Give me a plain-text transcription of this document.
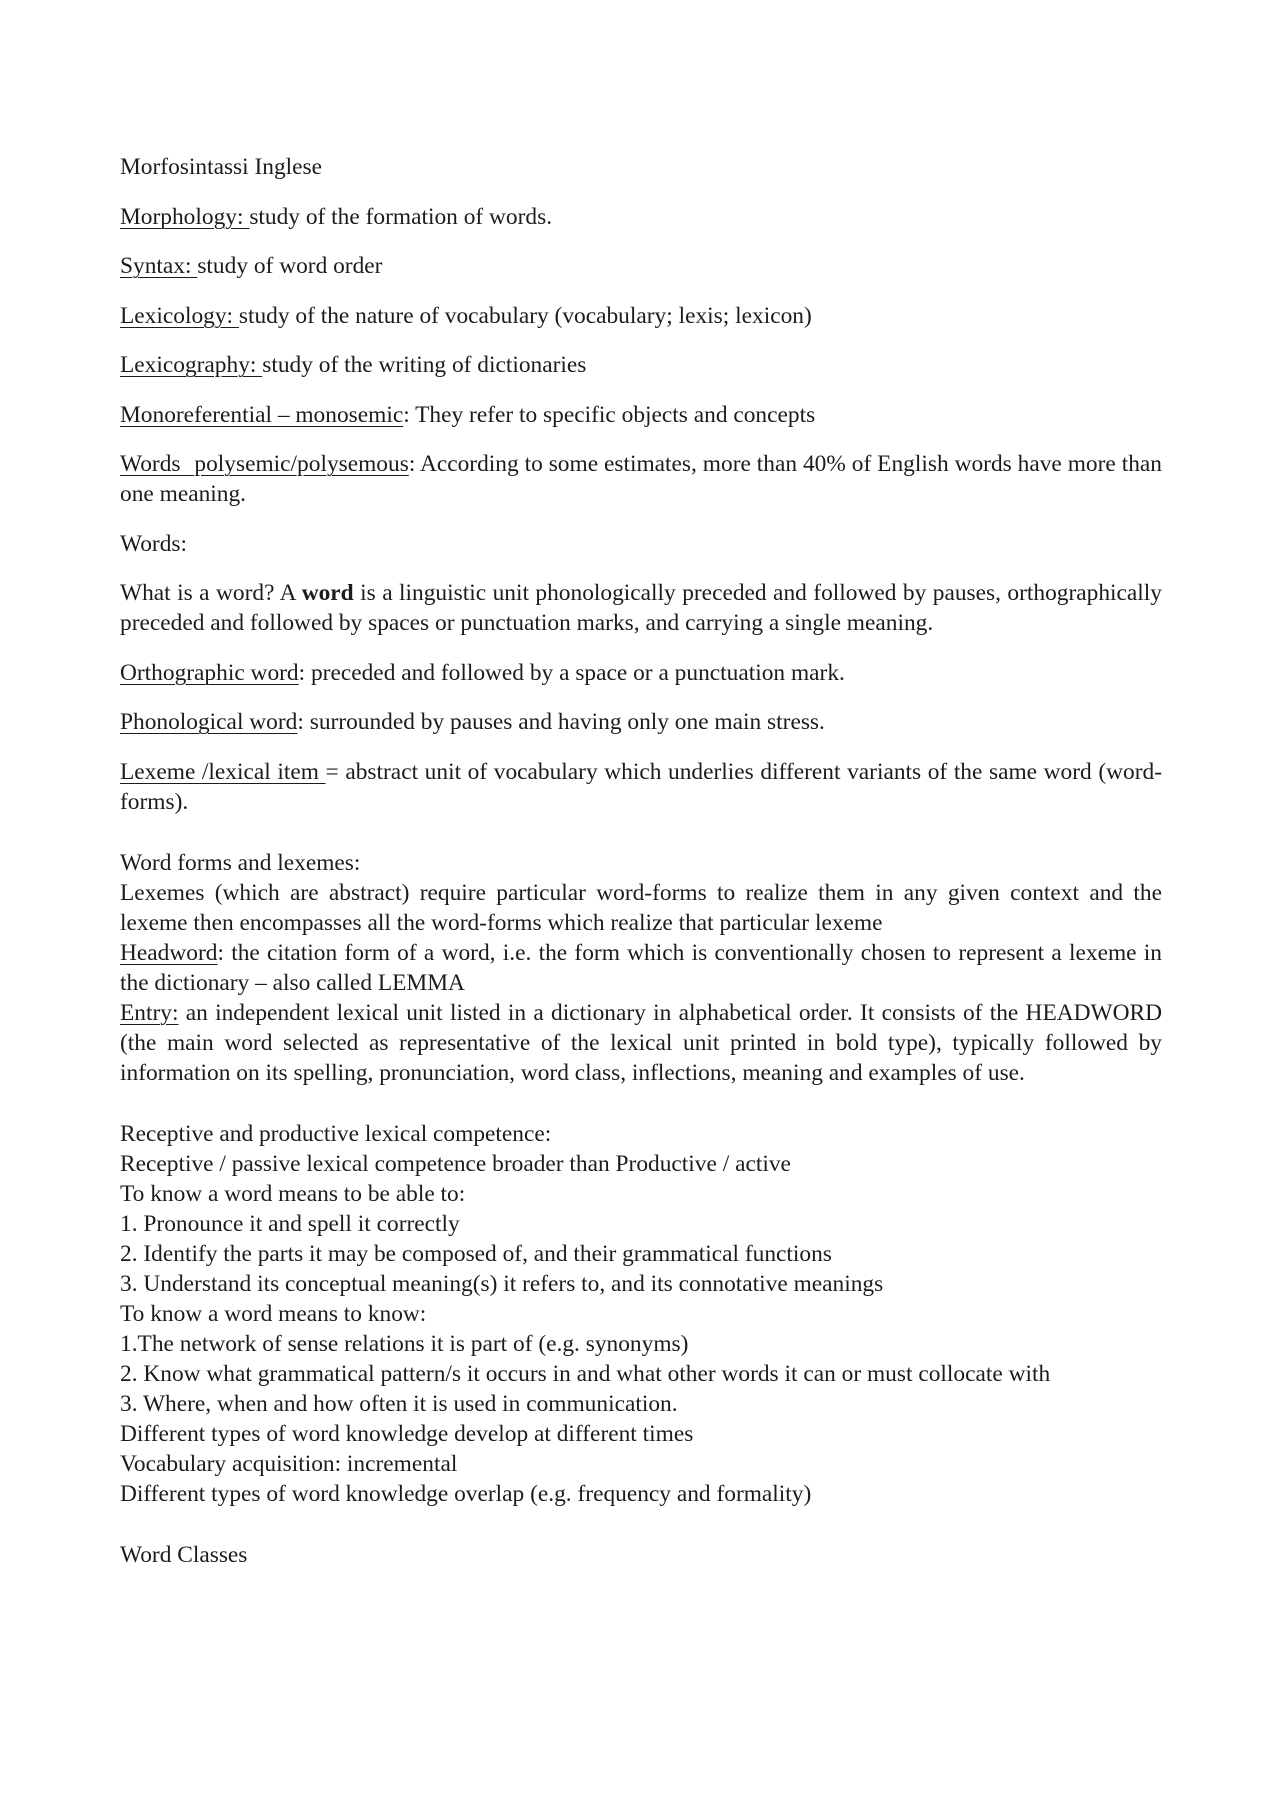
Morfosintassi Inglese

Morphology: study of the formation of words.

Syntax: study of word order

Lexicology: study of the nature of vocabulary (vocabulary; lexis; lexicon)

Lexicography: study of the writing of dictionaries

Monoreferential – monosemic: They refer to specific objects and concepts

Words polysemic/polysemous: According to some estimates, more than 40% of English words have more than one meaning.

Words:

What is a word? A word is a linguistic unit phonologically preceded and followed by pauses, orthographically preceded and followed by spaces or punctuation marks, and carrying a single meaning.

Orthographic word: preceded and followed by a space or a punctuation mark.

Phonological word: surrounded by pauses and having only one main stress.

Lexeme /lexical item = abstract unit of vocabulary which underlies different variants of the same word (word-forms).

Word forms and lexemes:
Lexemes (which are abstract) require particular word-forms to realize them in any given context and the lexeme then encompasses all the word-forms which realize that particular lexeme
Headword: the citation form of a word, i.e. the form which is conventionally chosen to represent a lexeme in the dictionary – also called LEMMA
Entry: an independent lexical unit listed in a dictionary in alphabetical order. It consists of the HEADWORD (the main word selected as representative of the lexical unit printed in bold type), typically followed by information on its spelling, pronunciation, word class, inflections, meaning and examples of use.
Receptive and productive lexical competence:
Receptive / passive lexical competence broader than Productive / active
To know a word means to be able to:
1. Pronounce it and spell it correctly
2. Identify the parts it may be composed of, and their grammatical functions
3. Understand its conceptual meaning(s) it refers to, and its connotative meanings
To know a word means to know:
1.The network of sense relations it is part of (e.g. synonyms)
2. Know what grammatical pattern/s it occurs in and what other words it can or must collocate with
3. Where, when and how often it is used in communication.
Different types of word knowledge develop at different times
Vocabulary acquisition: incremental
Different types of word knowledge overlap (e.g. frequency and formality)

Word Classes
